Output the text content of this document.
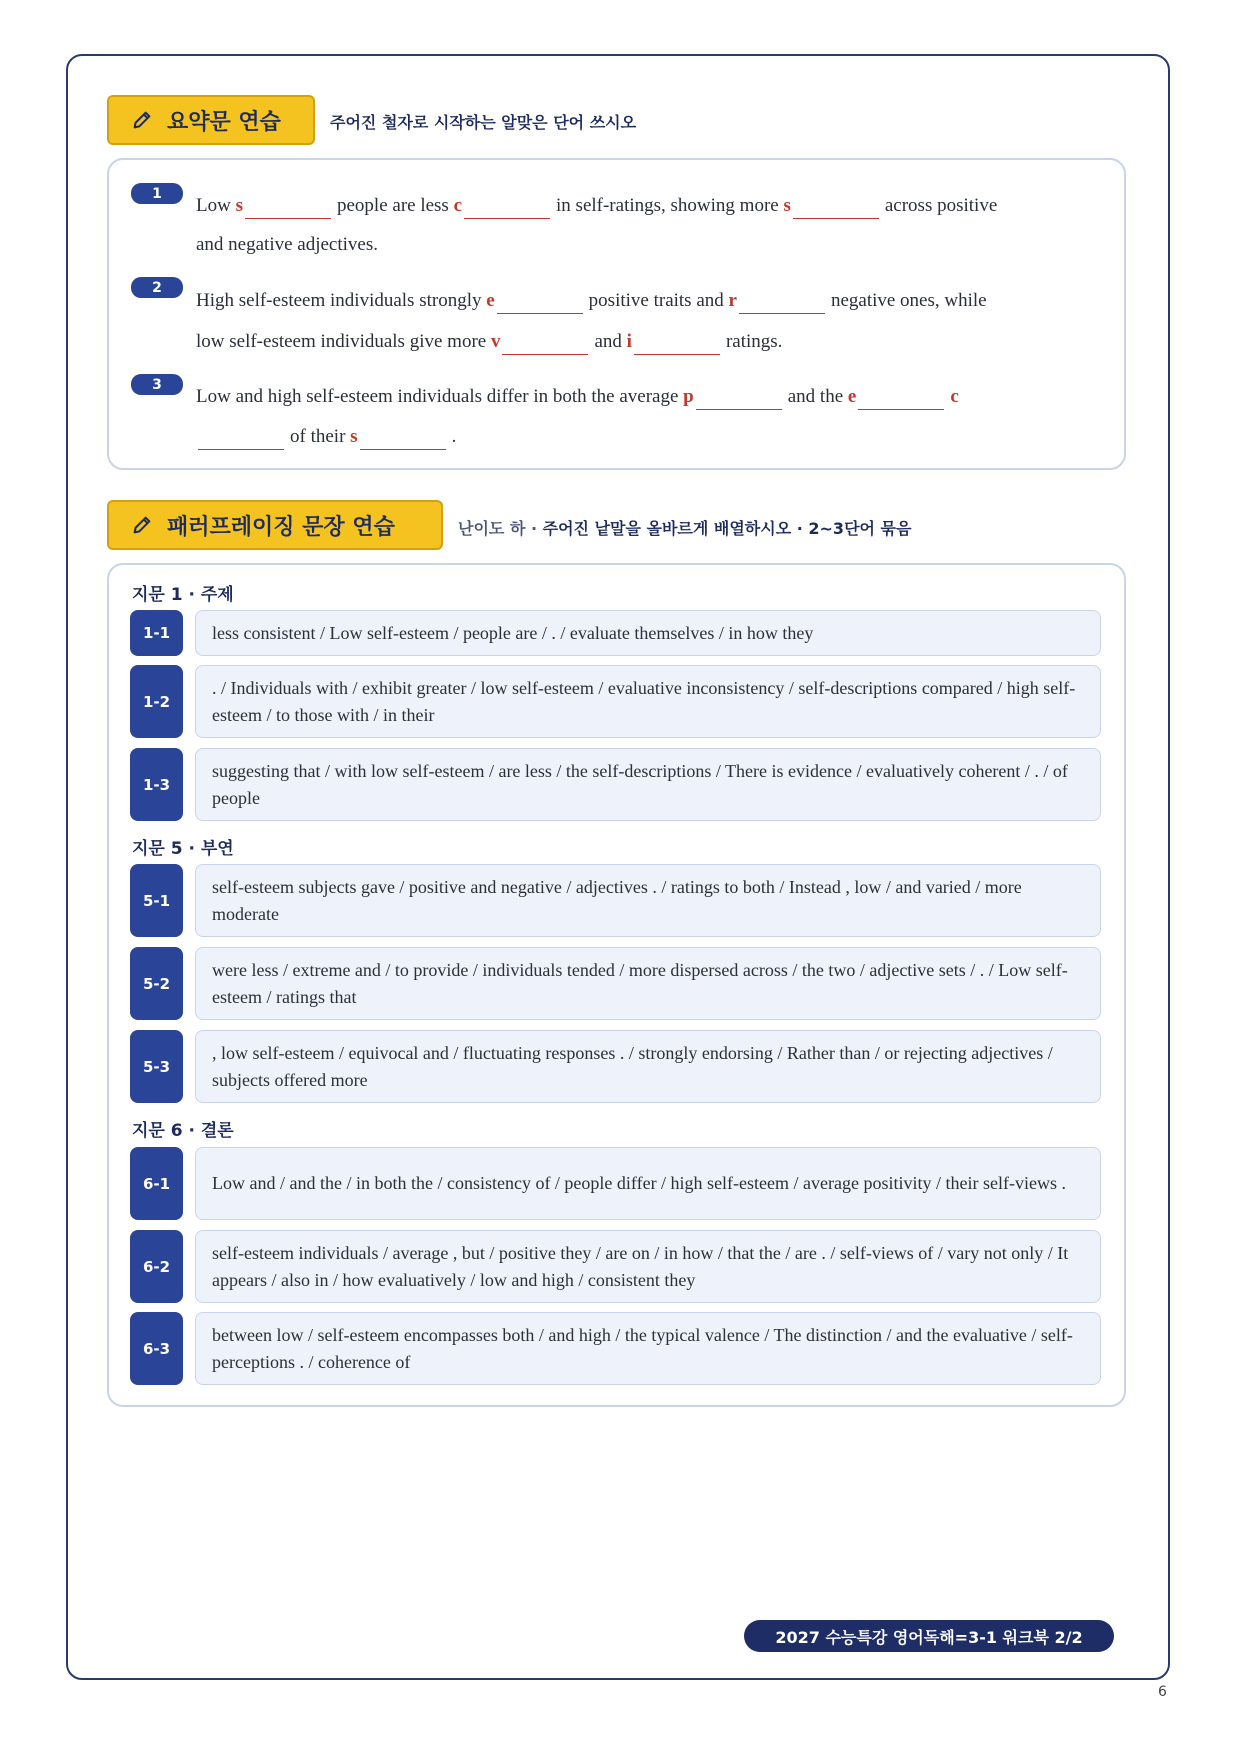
요약문 연습	주어진 철자로 시작하는 알맞은 단어 쓰시오
1
Low s	people are less c	in self-ratings, showing more s	across positive
and negative adjectives.
2
High self-esteem individuals strongly e	positive traits and r	negative ones, while
low self-esteem individuals give more v	and i	ratings.
3
Low and high self-esteem individuals differ in both the average p	and the e	c
of their s	.
패러프레이징 문장 연습	난이도 하 · 주어진 낱말을 올바르게 배열하시오 · 2~3단어 묶음
지문 1 · 주제
1-1	less consistent / Low self-esteem / people are / . / evaluate themselves / in how they
1-2
. / Individuals with / exhibit greater / low self-esteem / evaluative inconsistency / self-descriptions compared / high self-esteem / to those with / in their
1-3
suggesting that / with low self-esteem / are less / the self-descriptions / There is evidence / evaluatively coherent / . / of people
지문 5 · 부연
5-1
self-esteem subjects gave / positive and negative / adjectives . / ratings to both / Instead , low / and varied / more moderate
5-2
were less / extreme and / to provide / individuals tended / more dispersed across / the two / adjective sets / . / Low self-esteem / ratings that
5-3
, low self-esteem / equivocal and / fluctuating responses . / strongly endorsing / Rather than / or rejecting adjectives / subjects offered more
지문 6 · 결론
6-1	Low and / and the / in both the / consistency of / people differ / high self-esteem / average positivity / their self-views .
6-2
self-esteem individuals / average , but / positive they / are on / in how / that the / are . / self-views of / vary not only / It appears / also in / how evaluatively / low and high / consistent they
6-3
between low / self-esteem encompasses both / and high / the typical valence / The distinction / and the evaluative / self-perceptions . / coherence of
2027 수능특강 영어독해=3-1 워크북 2/2
6
